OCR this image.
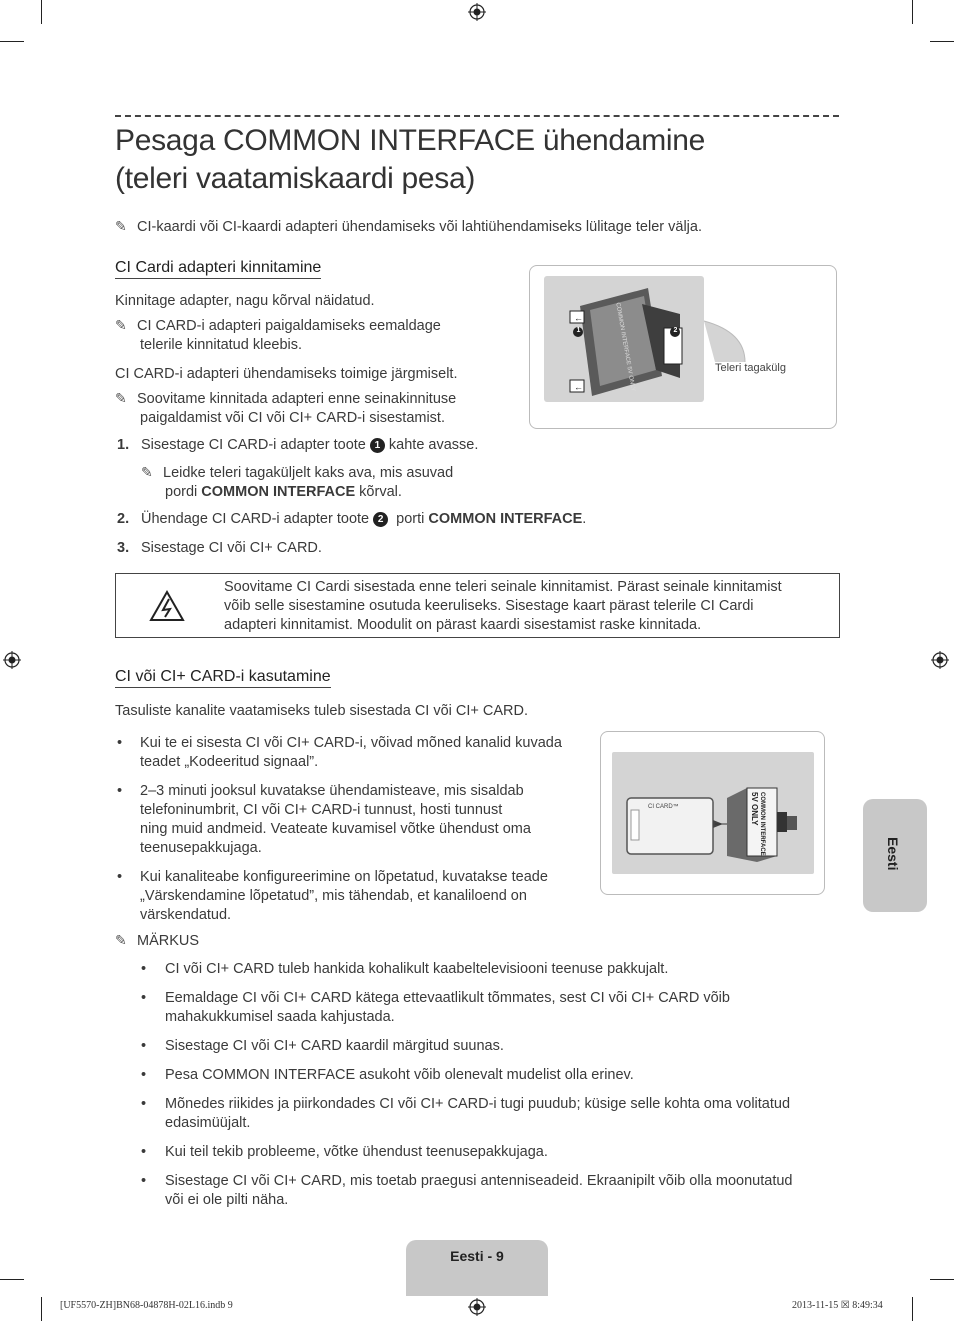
Pesaga COMMON INTERFACE ühendamine
(teleri vaatamiskaardi pesa)
✎ CI-kaardi või CI-kaardi adapteri ühendamiseks või lahtiühendamiseks lülitage teler välja.
CI Cardi adapteri kinnitamine
Kinnitage adapter, nagu kõrval näidatud.
✎ CI CARD-i adapteri paigaldamiseks eemaldage
telerile kinnitatud kleebis.
CI CARD-i adapteri ühendamiseks toimige järgmiselt.
✎ Soovitame kinnitada adapteri enne seinakinnituse
paigaldamist või CI või CI+ CARD-i sisestamist.
1. Sisestage CI CARD-i adapter toote 1 kahte avasse.
✎ Leidke teleri tagaküljelt kaks ava, mis asuvad
pordi COMMON INTERFACE kõrval.
2. Ühendage CI CARD-i adapter toote 2 porti COMMON INTERFACE.
3. Sisestage CI või CI+ CARD.
←
←
1	2
COMMON INTERFACE 5V ONLY	Teleri tagakülg
Soovitame CI Cardi sisestada enne teleri seinale kinnitamist. Pärast seinale kinnitamist
võib selle sisestamine osutuda keeruliseks. Sisestage kaart pärast telerile CI Cardi
adapteri kinnitamist. Moodulit on pärast kaardi sisestamist raske kinnitada.
CI või CI+ CARD-i kasutamine
Tasuliste kanalite vaatamiseks tuleb sisestada CI või CI+ CARD.
• Kui te ei sisesta CI või CI+ CARD-i, võivad mõned kanalid kuvada
teadet „Kodeeritud signaal”.
• 2–3 minuti jooksul kuvatakse ühendamisteave, mis sisaldab
telefoninumbrit, CI või CI+ CARD-i tunnust, hosti tunnust
ning muid andmeid. Veateate kuvamisel võtke ühendust oma
teenusepakkujaga.
• Kui kanaliteabe konfigureerimine on lõpetatud, kuvatakse teade
„Värskendamine lõpetatud”, mis tähendab, et kanaliloend on
värskendatud.
CI CARD™	COMMON INTERFACE 5V ONLY
✎ MÄRKUS
• CI või CI+ CARD tuleb hankida kohalikult kaabeltelevisiooni teenuse pakkujalt.
• Eemaldage CI või CI+ CARD kätega ettevaatlikult tõmmates, sest CI või CI+ CARD võib
mahakukkumisel saada kahjustada.
• Sisestage CI või CI+ CARD kaardil märgitud suunas.
• Pesa COMMON INTERFACE asukoht võib olenevalt mudelist olla erinev.
• Mõnedes riikides ja piirkondades CI või CI+ CARD-i tugi puudub; küsige selle kohta oma volitatud
edasimüüjalt.
• Kui teil tekib probleeme, võtke ühendust teenusepakkujaga.
• Sisestage CI või CI+ CARD, mis toetab praegusi antenniseadeid. Ekraanipilt võib olla moonutatud
või ei ole pilti näha.
Eesti
Eesti - 9
[UF5570-ZH]BN68-04878H-02L16.indb 9	2013-11-15 ☒ 8:49:34
